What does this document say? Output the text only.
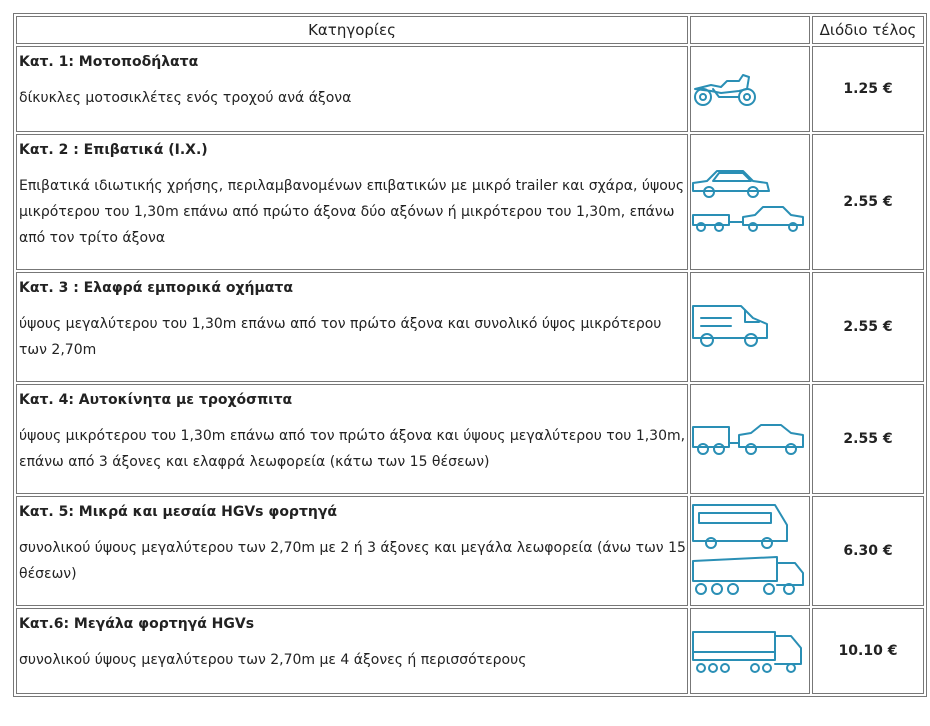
Κατηγορίες		Διόδιο τέλος

Κατ. 1: Μοτοποδήλατα
δίκυκλες μοτοσικλέτες ενός τροχού ανά άξονα		1.25 €

Κατ. 2 : Επιβατικά (Ι.Χ.)
Επιβατικά ιδιωτικής χρήσης, περιλαμβανομένων επιβατικών με μικρό trailer και σχάρα, ύψους μικρότερου του 1,30m επάνω από πρώτο άξονα δύο αξόνων ή μικρότερου του 1,30m, επάνω από τον τρίτο άξονα		2.55 €

Κατ. 3 : Ελαφρά εμπορικά οχήματα
ύψους μεγαλύτερου του 1,30m επάνω από τον πρώτο άξονα και συνολικό ύψος μικρότερου των 2,70m		2.55 €

Κατ. 4: Αυτοκίνητα με τροχόσπιτα
ύψους μικρότερου του 1,30m επάνω από τον πρώτο άξονα και ύψους μεγαλύτερου του 1,30m, επάνω από 3 άξονες και ελαφρά λεωφορεία (κάτω των 15 θέσεων)		2.55 €

Κατ. 5: Μικρά και μεσαία HGVs φορτηγά
συνολικού ύψους μεγαλύτερου των 2,70m με 2 ή 3 άξονες και μεγάλα λεωφορεία (άνω των 15 θέσεων)		6.30 €

Κατ.6: Μεγάλα φορτηγά HGVs
συνολικού ύψους μεγαλύτερου των 2,70m με 4 άξονες ή περισσότερους		10.10 €
